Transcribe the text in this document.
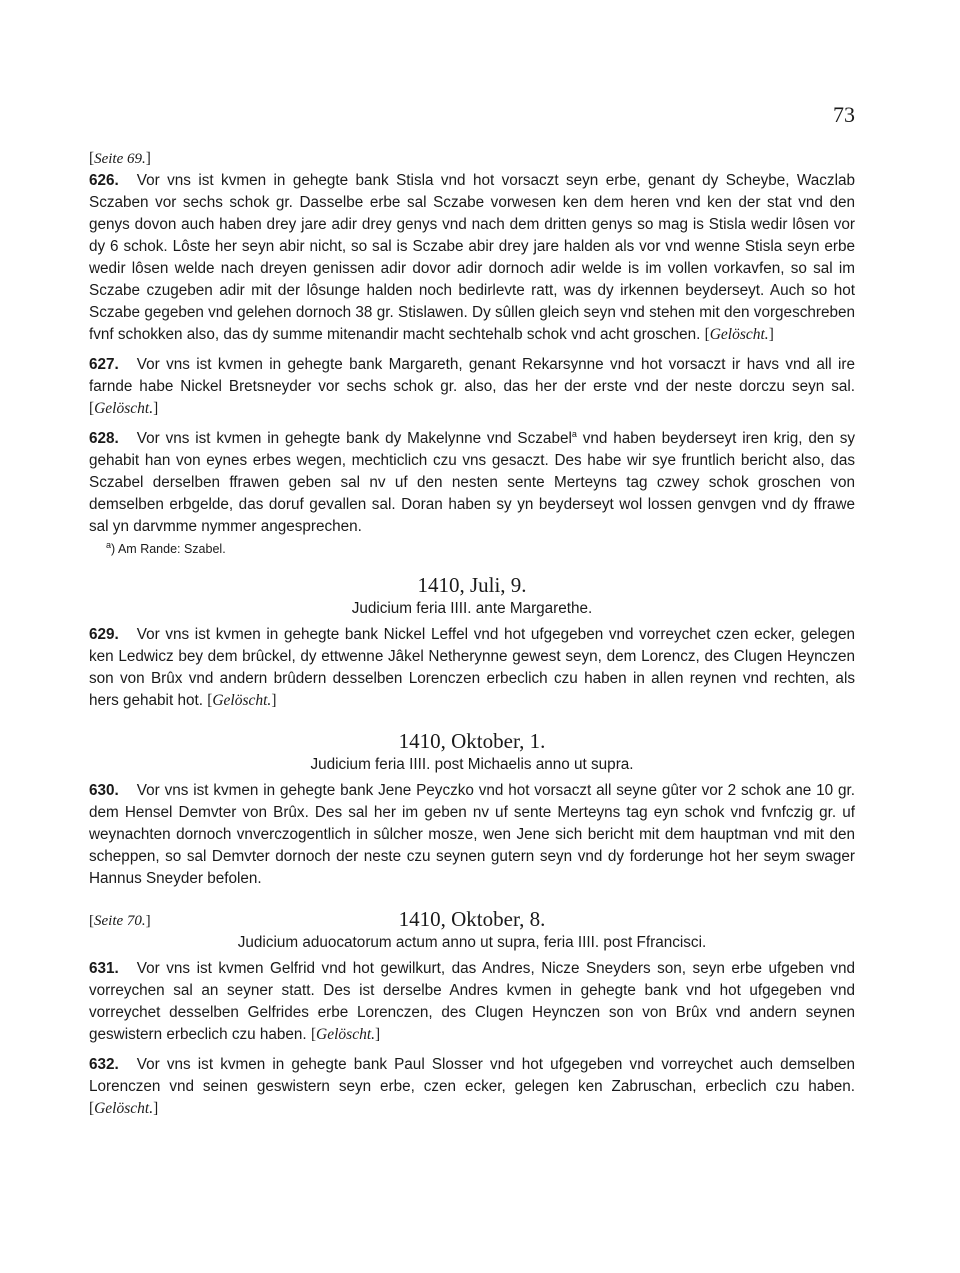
73
[Seite 69.]

626. Vor vns ist kvmen in gehegte bank Stisla vnd hot vorsaczt seyn erbe, genant dy Scheybe, Waczlab Sczaben vor sechs schok gr. Dasselbe erbe sal Sczabe vorwesen ken dem heren vnd ken der stat vnd den genys dovon auch haben drey jare adir drey genys vnd nach dem dritten genys so mag is Stisla wedir lôsen vor dy 6 schok. Lôste her seyn abir nicht, so sal is Sczabe abir drey jare halden als vor vnd wenne Stisla seyn erbe wedir lôsen welde nach dreyen genissen adir dovor adir dornoch adir welde is im vollen vorkavfen, so sal im Sczabe czugeben adir mit der lôsunge halden noch bedirlevte ratt, was dy irkennen beyderseyt. Auch so hot Sczabe gegeben vnd gelehen dornoch 38 gr. Stislawen. Dy sûllen gleich seyn vnd stehen mit den vorgeschreben fvnf schokken also, das dy summe mitenandir macht sechtehalb schok vnd acht groschen. [Gelöscht.]

627. Vor vns ist kvmen in gehegte bank Margareth, genant Rekarsynne vnd hot vorsaczt ir havs vnd all ire farnde habe Nickel Bretsneyder vor sechs schok gr. also, das her der erste vnd der neste dorczu seyn sal. [Gelöscht.]

628. Vor vns ist kvmen in gehegte bank dy Makelynne vnd Sczabel$^a$ vnd haben beyderseyt iren krig, den sy gehabit han von eynes erbes wegen, mechticlich czu vns gesaczt. Des habe wir sye fruntlich bericht also, das Sczabel derselben ffrawen geben sal nv uf den nesten sente Merteyns tag czwey schok groschen von demselben erbgelde, das doruf gevallen sal. Doran haben sy yn beyderseyt wol lossen genvgen vnd dy ffrawe sal yn darvmme nymmer angesprechen.

$^a$) Am Rande: Szabel.
1410, Juli, 9.
Judicium feria IIII. ante Margarethe.

629. Vor vns ist kvmen in gehegte bank Nickel Leffel vnd hot ufgegeben vnd vorreychet czen ecker, gelegen ken Ledwicz bey dem brûckel, dy ettwenne Jâkel Netherynne gewest seyn, dem Lorencz, des Clugen Heynczen son von Brûx vnd andern brûdern desselben Lorenczen erbeclich czu haben in allen reynen vnd rechten, als hers gehabit hot. [Gelöscht.]

1410, Oktober, 1.
Judicium feria IIII. post Michaelis anno ut supra.

630. Vor vns ist kvmen in gehegte bank Jene Peyczko vnd hot vorsaczt all seyne gûter vor 2 schok ane 10 gr. dem Hensel Demvter von Brûx. Des sal her im geben nv uf sente Merteyns tag eyn schok vnd fvnfczig gr. uf weynachten dornoch vnverczogentlich in sûlcher mosze, wen Jene sich bericht mit dem hauptman vnd mit den scheppen, so sal Demvter dornoch der neste czu seynen gutern seyn vnd dy forderunge hot her seym swager Hannus Sneyder befolen.

[Seite 70.]	1410, Oktober, 8.
Judicium aduocatorum actum anno ut supra, feria IIII. post Ffrancisci.

631. Vor vns ist kvmen Gelfrid vnd hot gewilkurt, das Andres, Nicze Sneyders son, seyn erbe ufgeben vnd vorreychen sal an seyner statt. Des ist derselbe Andres kvmen in gehegte bank vnd hot ufgegeben vnd vorreychet desselben Gelfrides erbe Lorenczen, des Clugen Heynczen son von Brûx vnd andern seynen geswistern erbeclich czu haben. [Gelöscht.]

632. Vor vns ist kvmen in gehegte bank Paul Slosser vnd hot ufgegeben vnd vorreychet auch demselben Lorenczen vnd seinen geswistern seyn erbe, czen ecker, gelegen ken Zabruschan, erbeclich czu haben. [Gelöscht.]
